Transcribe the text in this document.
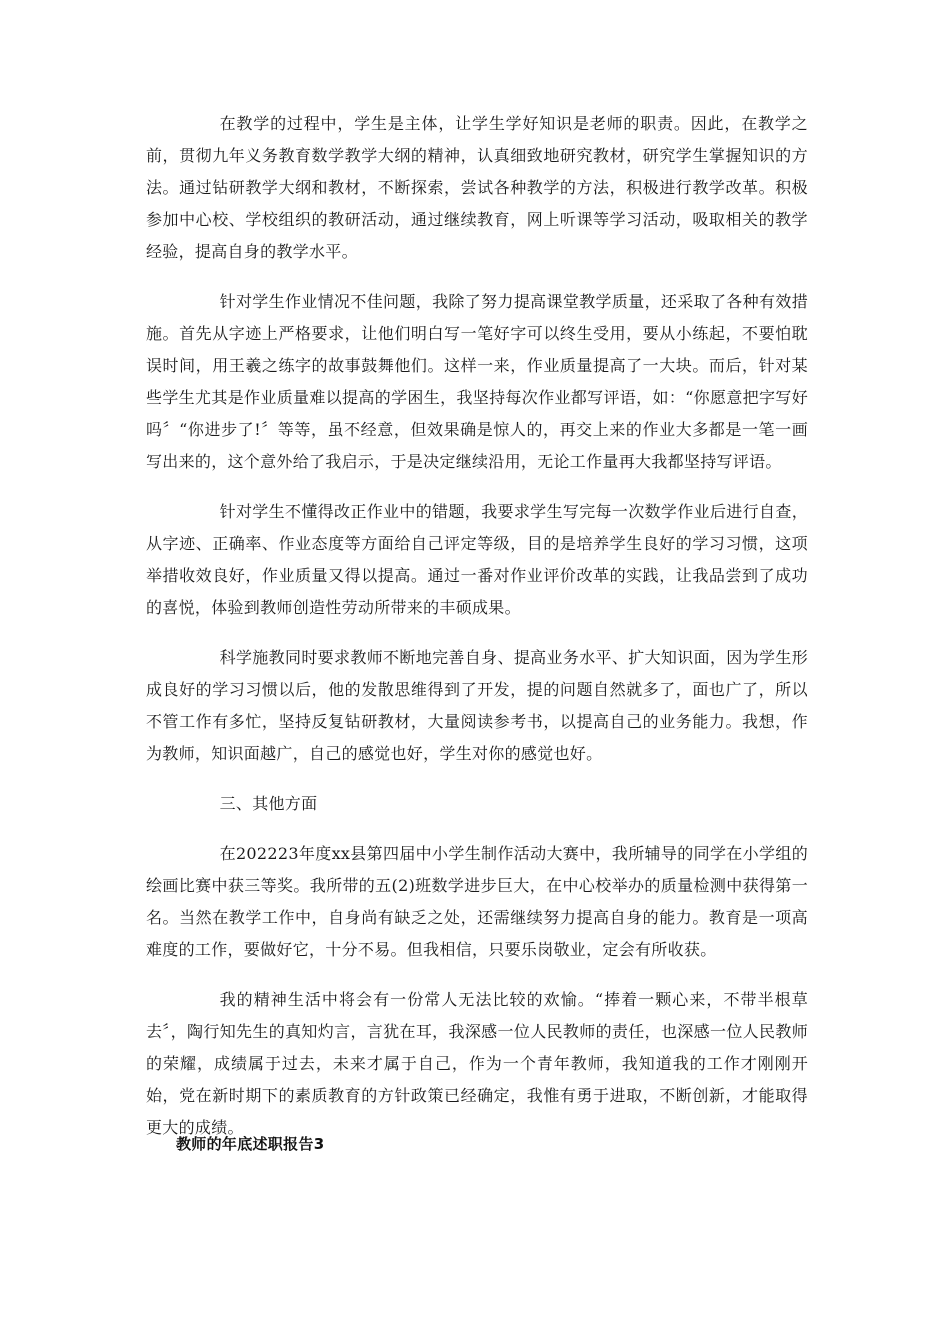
在教学的过程中，学生是主体，让学生学好知识是老师的职责。因此，在教学之前，贯彻九年义务教育数学教学大纲的精神，认真细致地研究教材，研究学生掌握知识的方法。通过钻研教学大纲和教材，不断探索，尝试各种教学的方法，积极进行教学改革。积极参加中心校、学校组织的教研活动，通过继续教育，网上听课等学习活动，吸取相关的教学经验，提高自身的教学水平。

针对学生作业情况不佳问题，我除了努力提高课堂教学质量，还采取了各种有效措施。首先从字迹上严格要求，让他们明白写一笔好字可以终生受用，要从小练起，不要怕耽误时间，用王羲之练字的故事鼓舞他们。这样一来，作业质量提高了一大块。而后，针对某些学生尤其是作业质量难以提高的学困生，我坚持每次作业都写评语，如：“你愿意把字写好吗〞“你进步了!〞等等，虽不经意，但效果确是惊人的，再交上来的作业大多都是一笔一画写出来的，这个意外给了我启示，于是决定继续沿用，无论工作量再大我都坚持写评语。

针对学生不懂得改正作业中的错题，我要求学生写完每一次数学作业后进行自查，从字迹、正确率、作业态度等方面给自己评定等级，目的是培养学生良好的学习习惯，这项举措收效良好，作业质量又得以提高。通过一番对作业评价改革的实践，让我品尝到了成功的喜悦，体验到教师创造性劳动所带来的丰硕成果。

科学施教同时要求教师不断地完善自身、提高业务水平、扩大知识面，因为学生形成良好的学习习惯以后，他的发散思维得到了开发，提的问题自然就多了，面也广了，所以不管工作有多忙，坚持反复钻研教材，大量阅读参考书，以提高自己的业务能力。我想，作为教师，知识面越广，自己的感觉也好，学生对你的感觉也好。

三、其他方面

在202223年度xx县第四届中小学生制作活动大赛中，我所辅导的同学在小学组的绘画比赛中获三等奖。我所带的五(2)班数学进步巨大，在中心校举办的质量检测中获得第一名。当然在教学工作中，自身尚有缺乏之处，还需继续努力提高自身的能力。教育是一项高难度的工作，要做好它，十分不易。但我相信，只要乐岗敬业，定会有所收获。

我的精神生活中将会有一份常人无法比较的欢愉。“捧着一颗心来，不带半根草去〞，陶行知先生的真知灼言，言犹在耳，我深感一位人民教师的责任，也深感一位人民教师的荣耀，成绩属于过去，未来才属于自己，作为一个青年教师，我知道我的工作才刚刚开始，党在新时期下的素质教育的方针政策已经确定，我惟有勇于进取，不断创新，才能取得更大的成绩。

教师的年底述职报告3
